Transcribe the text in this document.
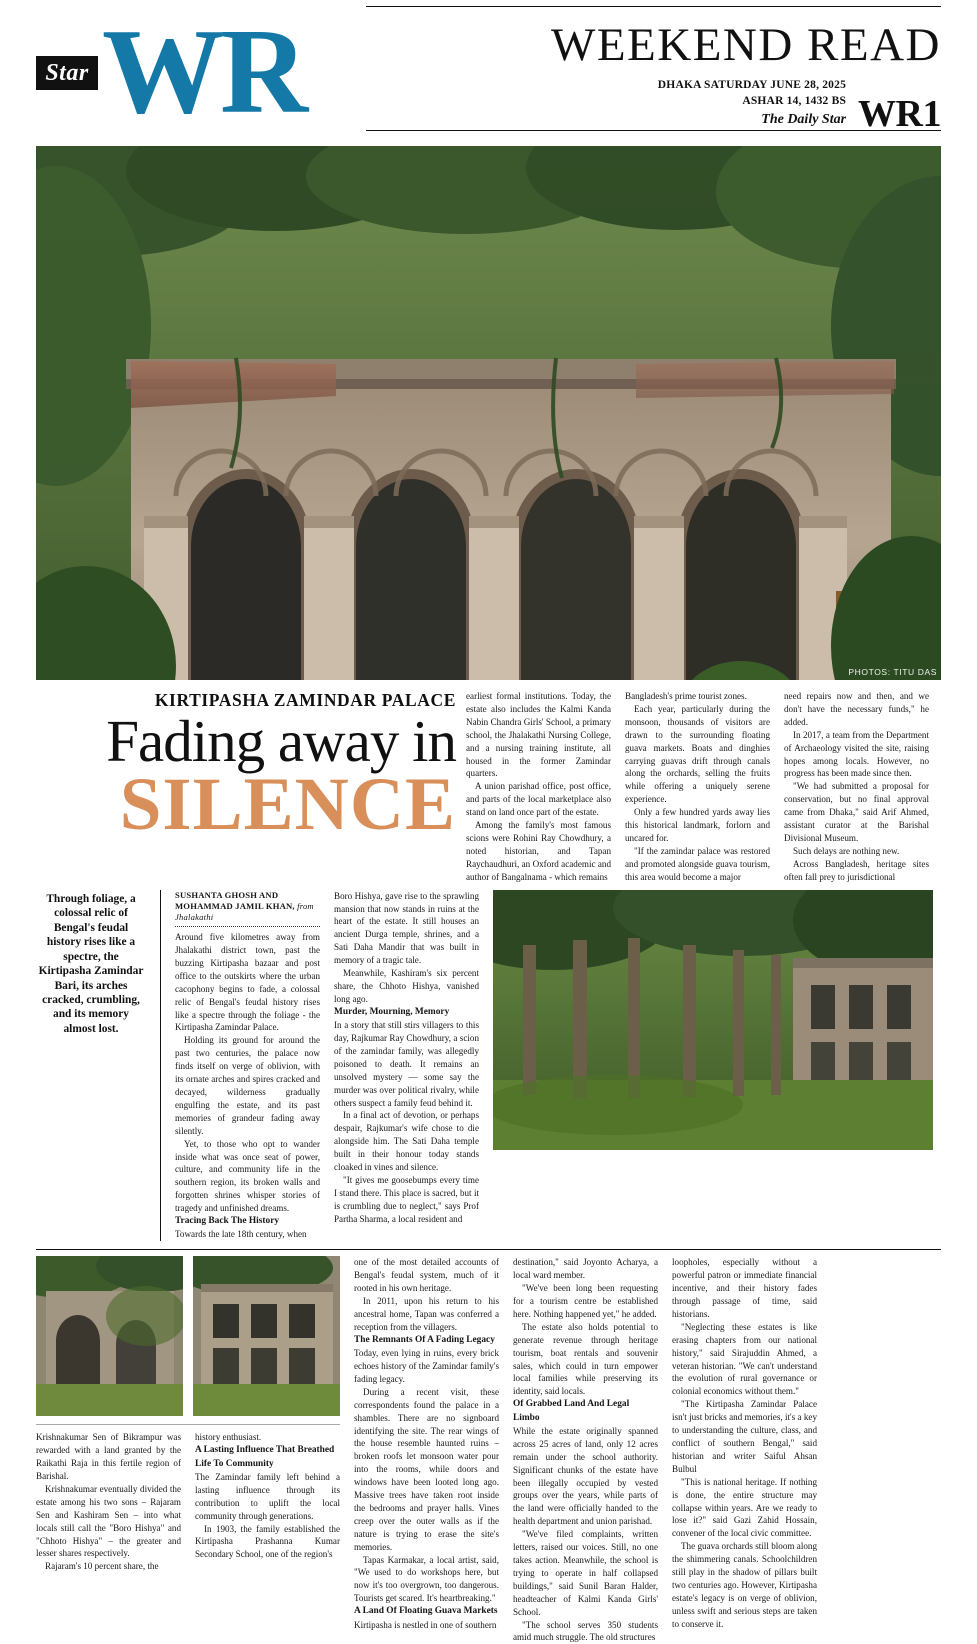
Star WR	WEEKEND READ
DHAKA SATURDAY JUNE 28, 2025
ASHAR 14, 1432 BS
The Daily Star WR1
PHOTOS: TITU DAS
KIRTIPASHA ZAMINDAR PALACE
Fading away in
SILENCE

earliest formal institutions. Today, the estate also includes the Kalmi Kanda Nabin Chandra Girls' School, a primary school, the Jhalakathi Nursing College, and a nursing training institute, all housed in the former Zamindar quarters.

A union parishad office, post office, and parts of the local marketplace also stand on land once part of the estate.

Among the family's most famous scions were Rohini Ray Chowdhury, a noted historian, and Tapan Raychaudhuri, an Oxford academic and author of Bangalnama - which remains

Bangladesh's prime tourist zones.

Each year, particularly during the monsoon, thousands of visitors are drawn to the surrounding floating guava markets. Boats and dinghies carrying guavas drift through canals along the orchards, selling the fruits while offering a uniquely serene experience.

Only a few hundred yards away lies this historical landmark, forlorn and uncared for.

"If the zamindar palace was restored and promoted alongside guava tourism, this area would become a major

need repairs now and then, and we don't have the necessary funds," he added.

In 2017, a team from the Department of Archaeology visited the site, raising hopes among locals. However, no progress has been made since then.

"We had submitted a proposal for conservation, but no final approval came from Dhaka," said Arif Ahmed, assistant curator at the Barishal Divisional Museum.

Such delays are nothing new.

Across Bangladesh, heritage sites often fall prey to jurisdictional

Through foliage, a colossal relic of Bengal's feudal history rises like a spectre, the Kirtipasha Zamindar Bari, its arches cracked, crumbling, and its memory almost lost.
SUSHANTA GHOSH AND MOHAMMAD JAMIL KHAN, from Jhalakathi

Around five kilometres away from Jhalakathi district town, past the buzzing Kirtipasha bazaar and post office to the outskirts where the urban cacophony begins to fade, a colossal relic of Bengal's feudal history rises like a spectre through the foliage - the Kirtipasha Zamindar Palace.

Holding its ground for around the past two centuries, the palace now finds itself on verge of oblivion, with its ornate arches and spires cracked and decayed, wilderness gradually engulfing the estate, and its past memories of grandeur fading away silently.

Yet, to those who opt to wander inside what was once seat of power, culture, and community life in the southern region, its broken walls and forgotten shrines whisper stories of tragedy and unfinished dreams.

Tracing Back The History

Towards the late 18th century, when

Boro Hishya, gave rise to the sprawling mansion that now stands in ruins at the heart of the estate. It still houses an ancient Durga temple, shrines, and a Sati Daha Mandir that was built in memory of a tragic tale.

Meanwhile, Kashiram's six percent share, the Chhoto Hishya, vanished long ago.

Murder, Mourning, Memory

In a story that still stirs villagers to this day, Rajkumar Ray Chowdhury, a scion of the zamindar family, was allegedly poisoned to death. It remains an unsolved mystery — some say the murder was over political rivalry, while others suspect a family feud behind it.

In a final act of devotion, or perhaps despair, Rajkumar's wife chose to die alongside him. The Sati Daha temple built in their honour today stands cloaked in vines and silence.

"It gives me goosebumps every time I stand there. This place is sacred, but it is crumbling due to neglect," says Prof Partha Sharma, a local resident and

Krishnakumar Sen of Bikrampur was rewarded with a land granted by the Raikathi Raja in this fertile region of Barishal.

Krishnakumar eventually divided the estate among his two sons – Rajaram Sen and Kashiram Sen – into what locals still call the "Boro Hishya" and "Chhoto Hishya" – the greater and lesser shares respectively.

Rajaram's 10 percent share, the

history enthusiast.

A Lasting Influence That Breathed Life To Community

The Zamindar family left behind a lasting influence through its contribution to uplift the local community through generations.

In 1903, the family established the Kirtipasha Prashanna Kumar Secondary School, one of the region's

one of the most detailed accounts of Bengal's feudal system, much of it rooted in his own heritage.

In 2011, upon his return to his ancestral home, Tapan was conferred a reception from the villagers.

The Remnants Of A Fading Legacy

Today, even lying in ruins, every brick echoes history of the Zamindar family's fading legacy.

During a recent visit, these correspondents found the palace in a shambles. There are no signboard identifying the site. The rear wings of the house resemble haunted ruins – broken roofs let monsoon water pour into the rooms, while doors and windows have been looted long ago. Massive trees have taken root inside the bedrooms and prayer halls. Vines creep over the outer walls as if the nature is trying to erase the site's memories.

Tapas Karmakar, a local artist, said, "We used to do workshops here, but now it's too overgrown, too dangerous. Tourists get scared. It's heartbreaking."

A Land Of Floating Guava Markets

Kirtipasha is nestled in one of southern

destination," said Joyonto Acharya, a local ward member.

"We've been long been requesting for a tourism centre be established here. Nothing happened yet," he added.

The estate also holds potential to generate revenue through heritage tourism, boat rentals and souvenir sales, which could in turn empower local families while preserving its identity, said locals.

Of Grabbed Land And Legal Limbo

While the estate originally spanned across 25 acres of land, only 12 acres remain under the school authority. Significant chunks of the estate have been illegally occupied by vested groups over the years, while parts of the land were officially handed to the health department and union parishad.

"We've filed complaints, written letters, raised our voices. Still, no one takes action. Meanwhile, the school is trying to operate in half collapsed buildings," said Sunil Baran Halder, headteacher of Kalmi Kanda Girls' School.

"The school serves 350 students amid much struggle. The old structures

loopholes, especially without a powerful patron or immediate financial incentive, and their history fades through passage of time, said historians.

"Neglecting these estates is like erasing chapters from our national history," said Sirajuddin Ahmed, a veteran historian. "We can't understand the evolution of rural governance or colonial economics without them."

"The Kirtipasha Zamindar Palace isn't just bricks and memories, it's a key to understanding the culture, class, and conflict of southern Bengal," said historian and writer Saiful Ahsan Bulbul

"This is national heritage. If nothing is done, the entire structure may collapse within years. Are we ready to lose it?" said Gazi Zahid Hossain, convener of the local civic committee.

The guava orchards still bloom along the shimmering canals. Schoolchildren still play in the shadow of pillars built two centuries ago. However, Kirtipasha estate's legacy is on verge of oblivion, unless swift and serious steps are taken to conserve it.
